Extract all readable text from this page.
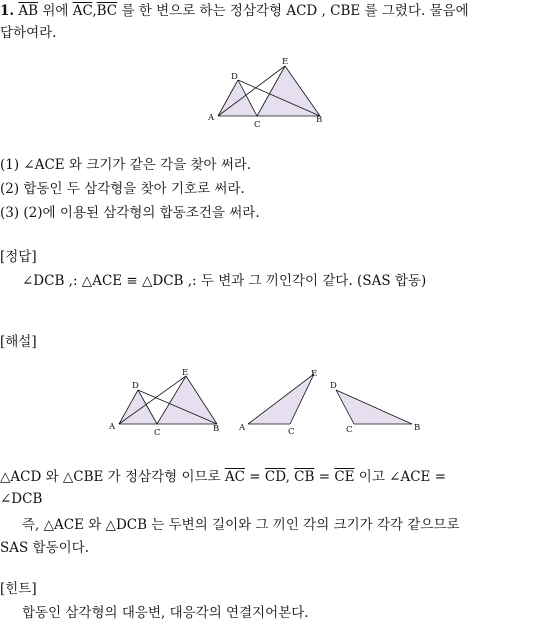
1. $\overline{AB}$ 위에 $\overline{AC},\overline{BC}$ 를 한 변으로 하는 정삼각형 ACD , CBE 를 그렸다. 물음에
답하여라.
A	B
C
D
E
(1) ∠ACE 와 크기가 같은 각을 찾아 써라.
(2) 합동인 두 삼각형을 찾아 기호로 써라.
(3) (2)에 이용된 삼각형의 합동조건을 써라.
[정답]
∠DCB ,: △ACE ≡ △DCB ,: 두 변과 그 끼인각이 같다. (SAS 합동)
[해설]
A	B
C
D
E
A	C
E
D
C	B
△ACD 와 △CBE 가 정삼각형 이므로 $\overline{AC} = \overline{CD}$, $\overline{CB} = \overline{CE}$ 이고 ∠ACE =
∠DCB
즉, △ACE 와 △DCB 는 두변의 길이와 그 끼인 각의 크기가 각각 같으므로
SAS 합동이다.
[힌트]
합동인 삼각형의 대응변, 대응각의 연결지어본다.
